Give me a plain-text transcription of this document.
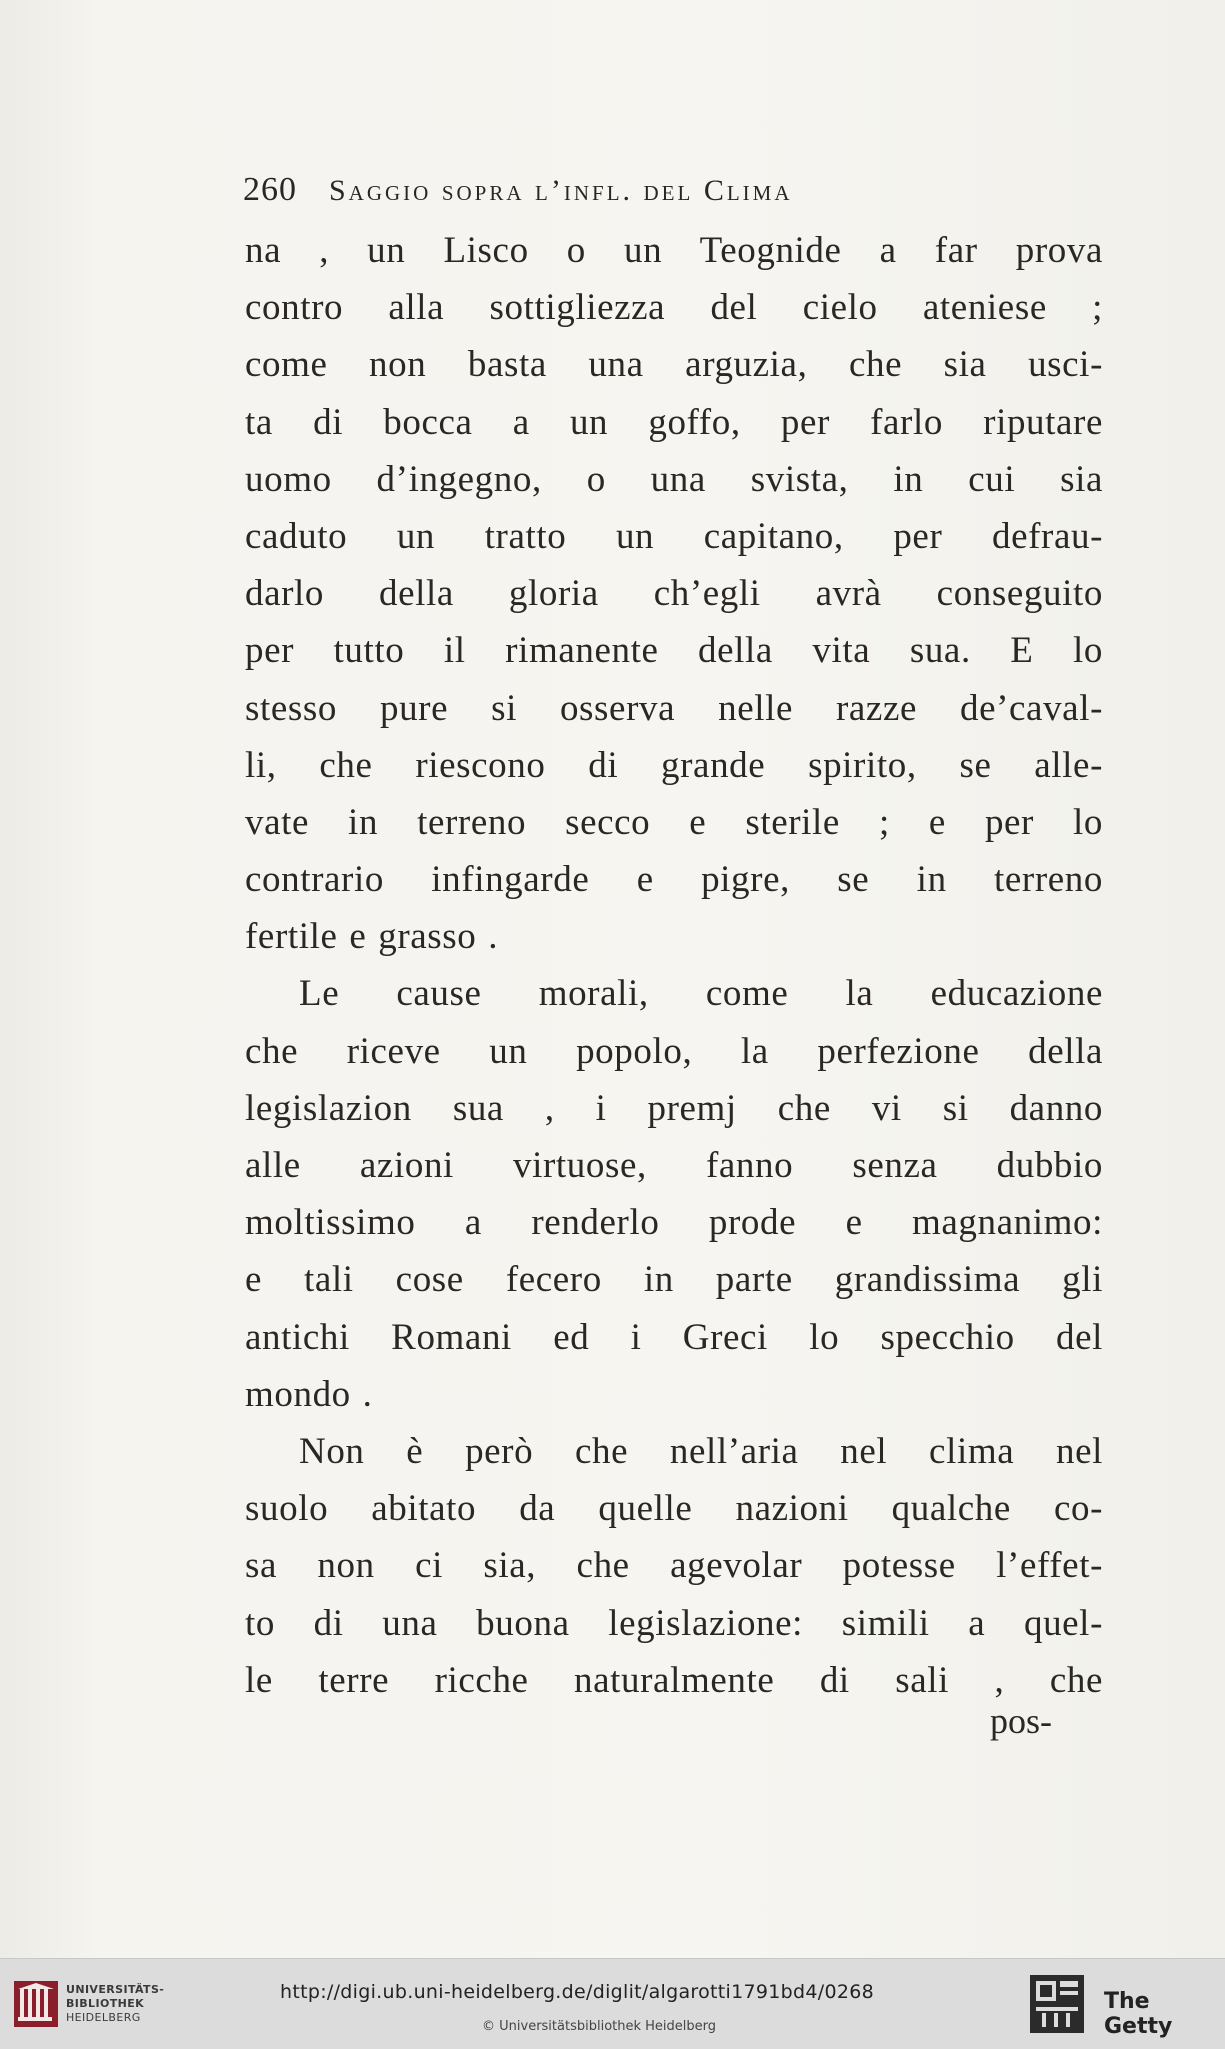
260 Saggio sopra l’infl. del Clima
na , un Lisco o un Teognide a far prova
contro alla sottigliezza del cielo ateniese ;
come non basta una arguzia, che sia usci-
ta di bocca a un goffo, per farlo riputare
uomo d’ingegno, o una svista, in cui sia
caduto un tratto un capitano, per defrau-
darlo della gloria ch’egli avrà conseguito
per tutto il rimanente della vita sua. E lo
stesso pure si osserva nelle razze de’caval-
li, che riescono di grande spirito, se alle-
vate in terreno secco e sterile ; e per lo
contrario infingarde e pigre, se in terreno
fertile e grasso .
Le cause morali, come la educazione
che riceve un popolo, la perfezione della
legislazion sua , i premj che vi si danno
alle azioni virtuose, fanno senza dubbio
moltissimo a renderlo prode e magnanimo:
e tali cose fecero in parte grandissima gli
antichi Romani ed i Greci lo specchio del
mondo .
Non è però che nell’aria nel clima nel
suolo abitato da quelle nazioni qualche co-
sa non ci sia, che agevolar potesse l’effet-
to di una buona legislazione: simili a quel-
le terre ricche naturalmente di sali , che
pos-
UNIVERSITÄTS-
BIBLIOTHEK
HEIDELBERG
http://digi.ub.uni-heidelberg.de/diglit/algarotti1791bd4/0268
© Universitätsbibliothek Heidelberg
The Getty
